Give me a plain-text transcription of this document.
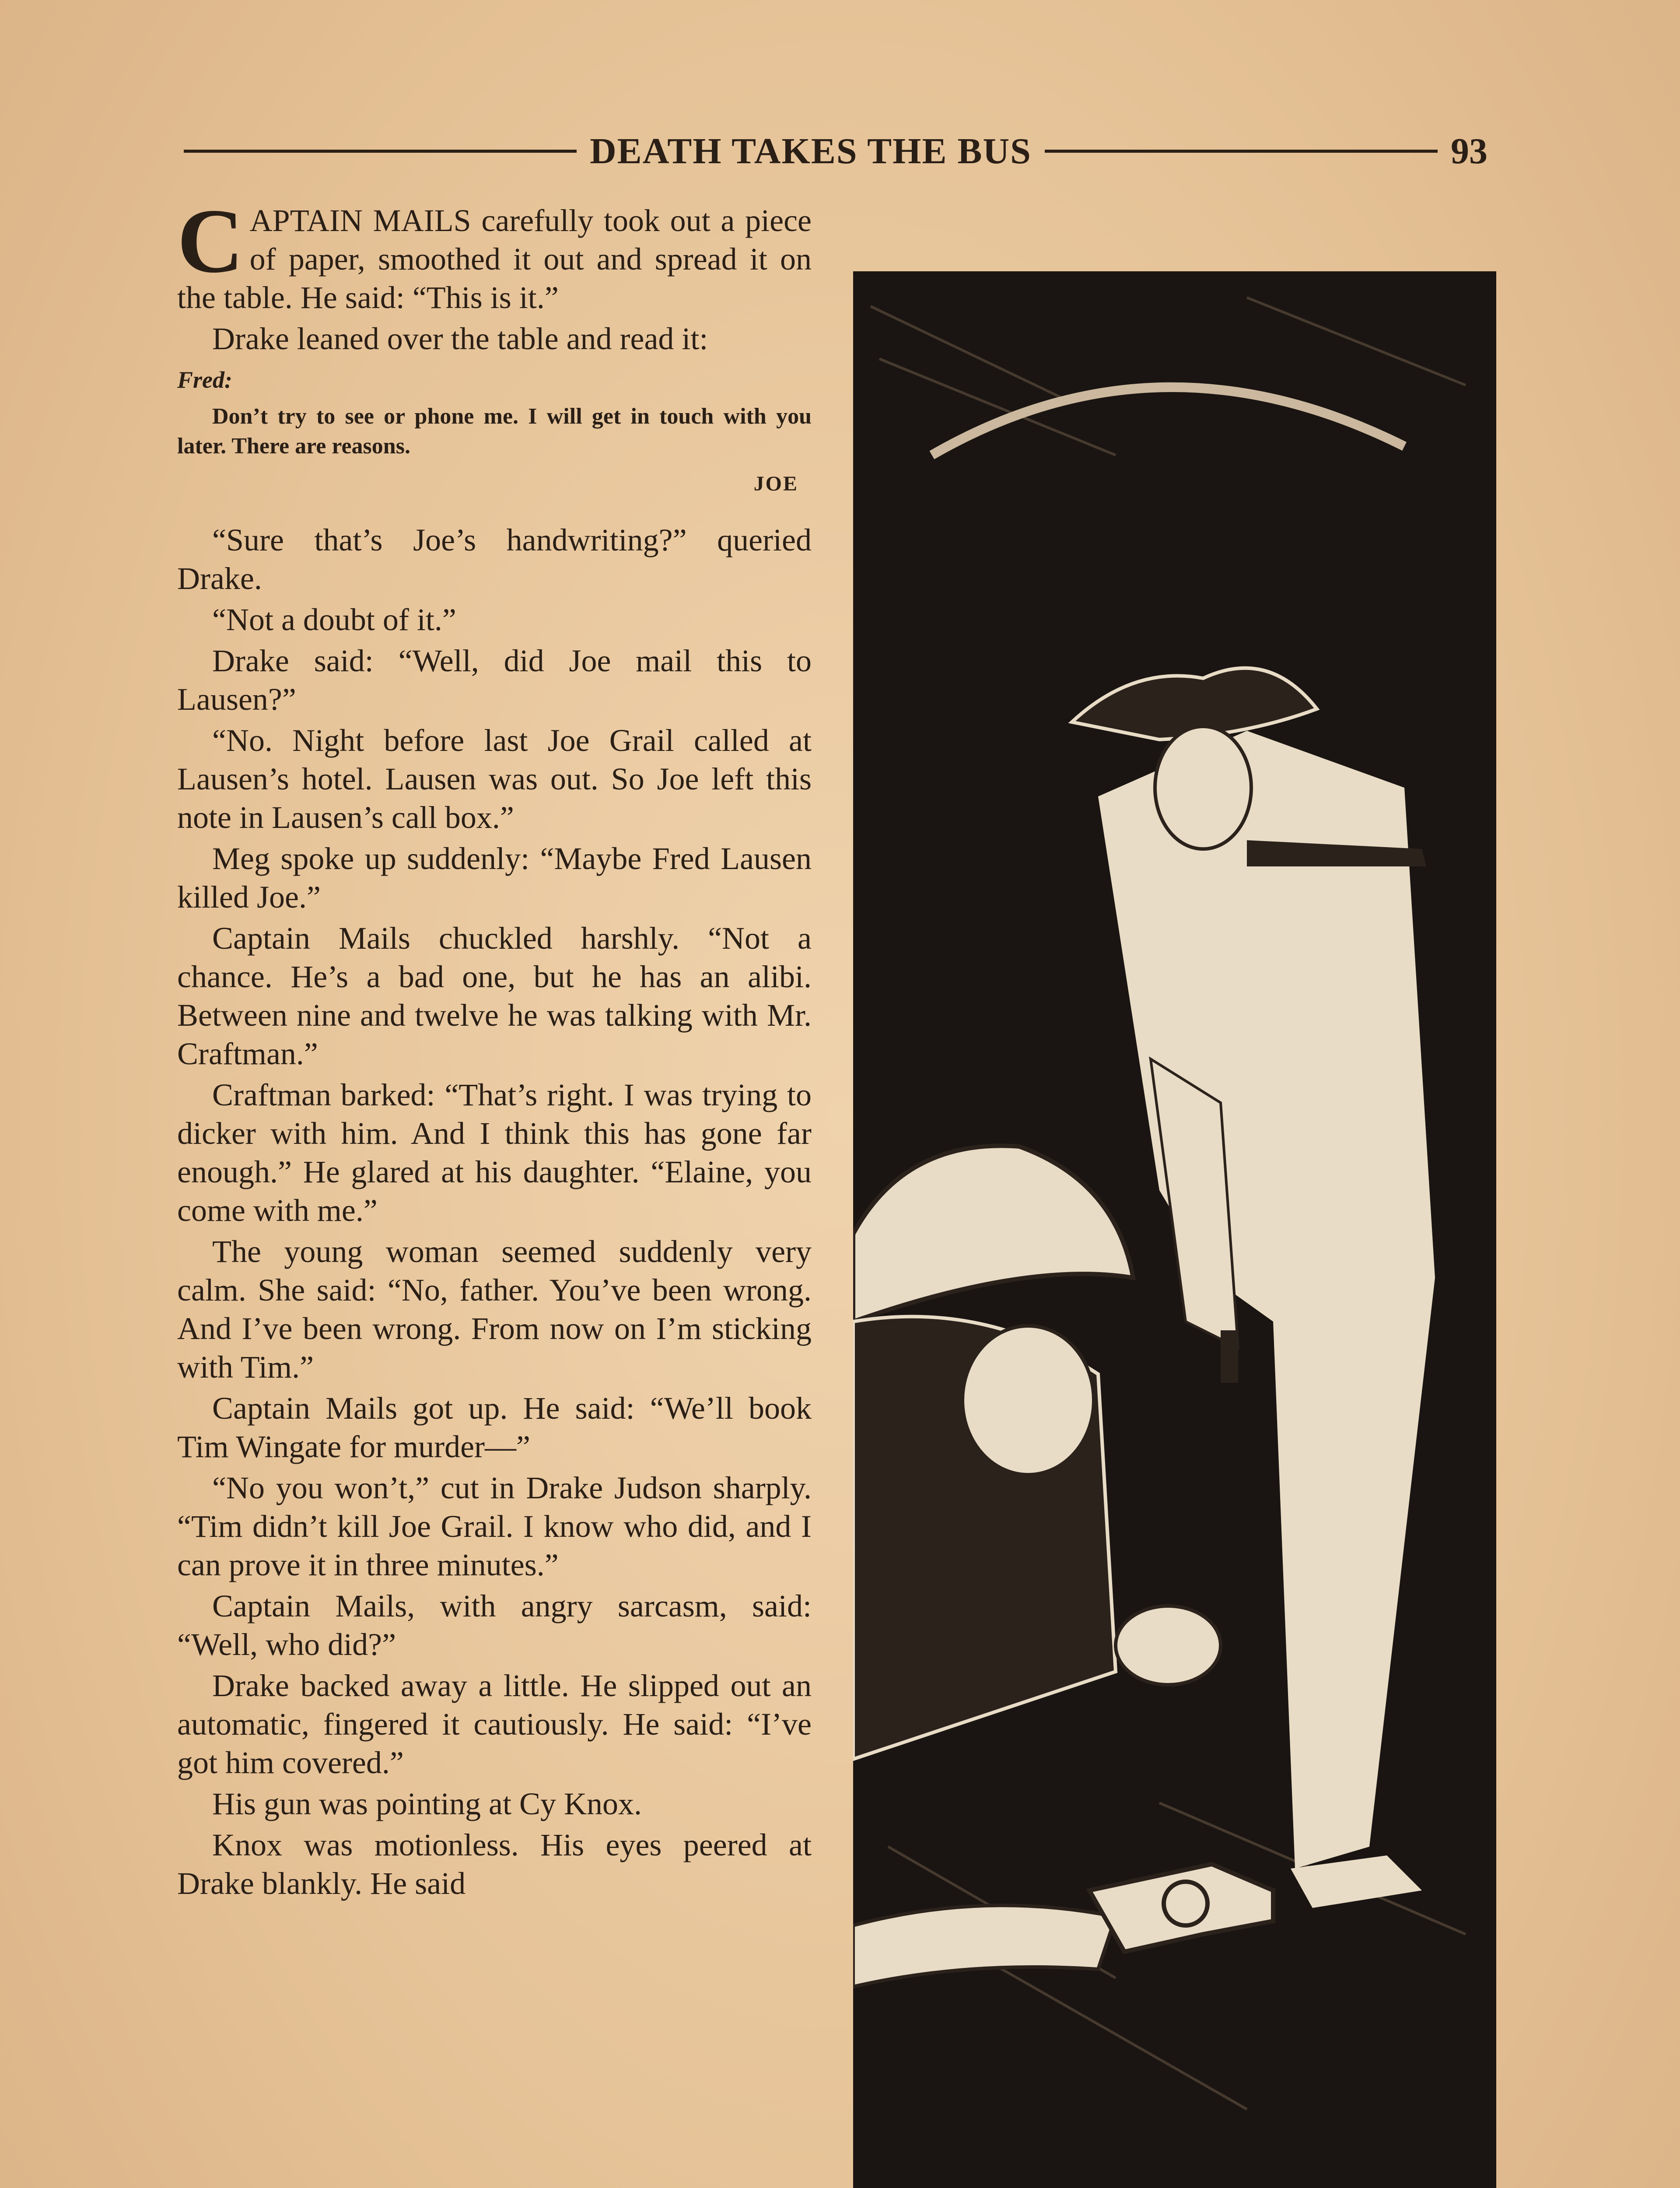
DEATH TAKES THE BUS	93

CAPTAIN MAILS carefully took out a piece of paper, smoothed it out and spread it on the table. He said: “This is it.”

Drake leaned over the table and read it:

Fred:

Don’t try to see or phone me. I will get in touch with you later. There are reasons.

JOE

“Sure that’s Joe’s handwriting?” queried Drake.

“Not a doubt of it.”

Drake said: “Well, did Joe mail this to Lausen?”

“No. Night before last Joe Grail called at Lausen’s hotel. Lausen was out. So Joe left this note in Lausen’s call box.”

Meg spoke up suddenly: “Maybe Fred Lausen killed Joe.”

Captain Mails chuckled harshly. “Not a chance. He’s a bad one, but he has an alibi. Between nine and twelve he was talking with Mr. Craftman.”

Craftman barked: “That’s right. I was trying to dicker with him. And I think this has gone far enough.” He glared at his daughter. “Elaine, you come with me.”

The young woman seemed suddenly very calm. She said: “No, father. You’ve been wrong. And I’ve been wrong. From now on I’m sticking with Tim.”

Captain Mails got up. He said: “We’ll book Tim Wingate for murder—”

“No you won’t,” cut in Drake Judson sharply. “Tim didn’t kill Joe Grail. I know who did, and I can prove it in three minutes.”

Captain Mails, with angry sarcasm, said: “Well, who did?”

Drake backed away a little. He slipped out an automatic, fingered it cautiously. He said: “I’ve got him covered.”

His gun was pointing at Cy Knox.

Knox was motionless. His eyes peered at Drake blankly. He said
